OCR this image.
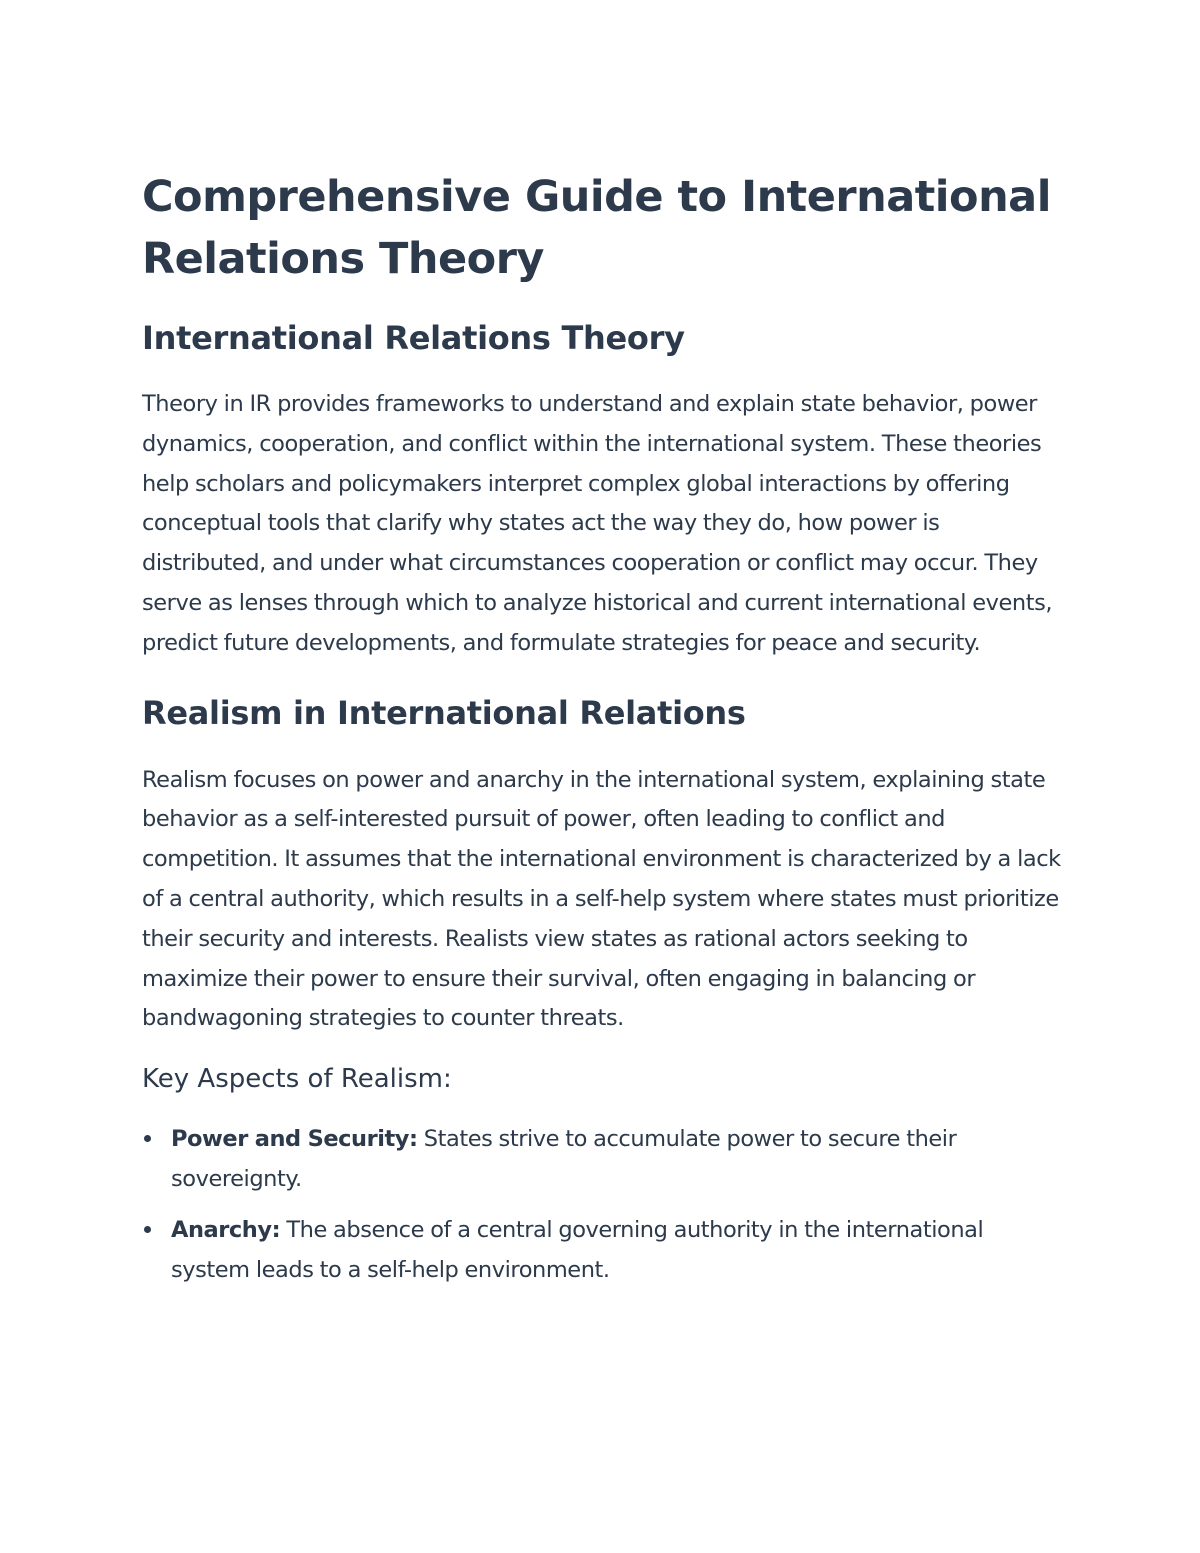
Comprehensive Guide to International Relations Theory
International Relations Theory

Theory in IR provides frameworks to understand and explain state behavior, power dynamics, cooperation, and conflict within the international system. These theories help scholars and policymakers interpret complex global interactions by offering conceptual tools that clarify why states act the way they do, how power is distributed, and under what circumstances cooperation or conflict may occur. They serve as lenses through which to analyze historical and current international events, predict future developments, and formulate strategies for peace and security.

Realism in International Relations

Realism focuses on power and anarchy in the international system, explaining state behavior as a self-interested pursuit of power, often leading to conflict and competition. It assumes that the international environment is characterized by a lack of a central authority, which results in a self-help system where states must prioritize their security and interests. Realists view states as rational actors seeking to maximize their power to ensure their survival, often engaging in balancing or bandwagoning strategies to counter threats.

Key Aspects of Realism:
Power and Security: States strive to accumulate power to secure their sovereignty.
Anarchy: The absence of a central governing authority in the international system leads to a self-help environment.
